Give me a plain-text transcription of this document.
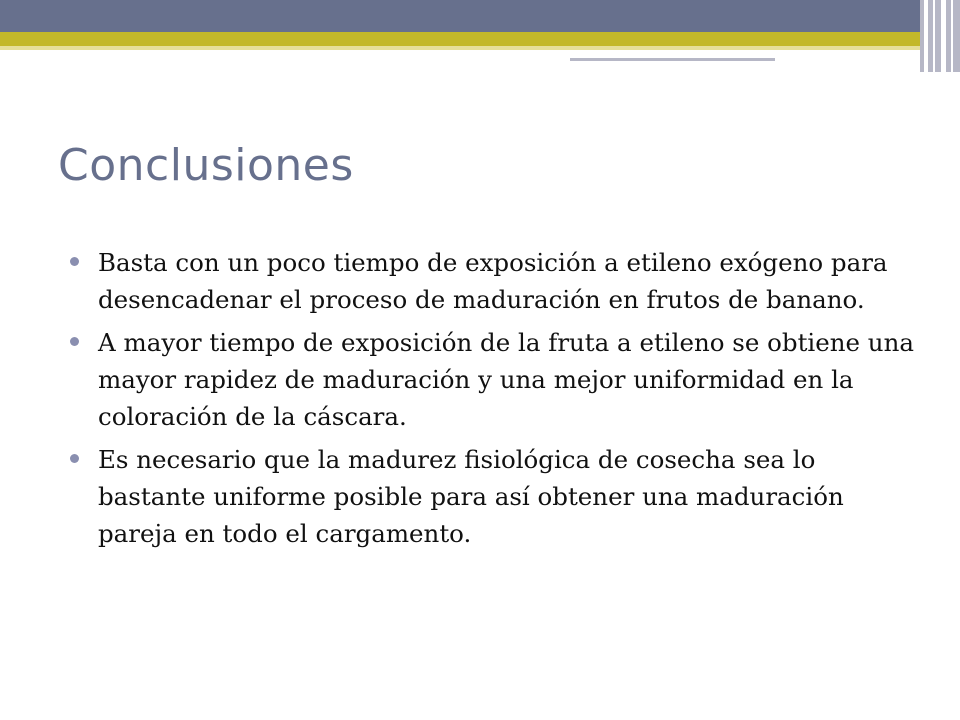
Conclusiones
Basta con un poco tiempo de exposición a etileno exógeno para desencadenar el proceso de maduración en frutos de banano.
A mayor tiempo de exposición de la fruta a etileno se obtiene una mayor rapidez de maduración y una mejor uniformidad en la coloración de la cáscara.
Es necesario que la madurez fisiológica de cosecha sea lo bastante uniforme posible para así obtener una maduración pareja en todo el cargamento.
